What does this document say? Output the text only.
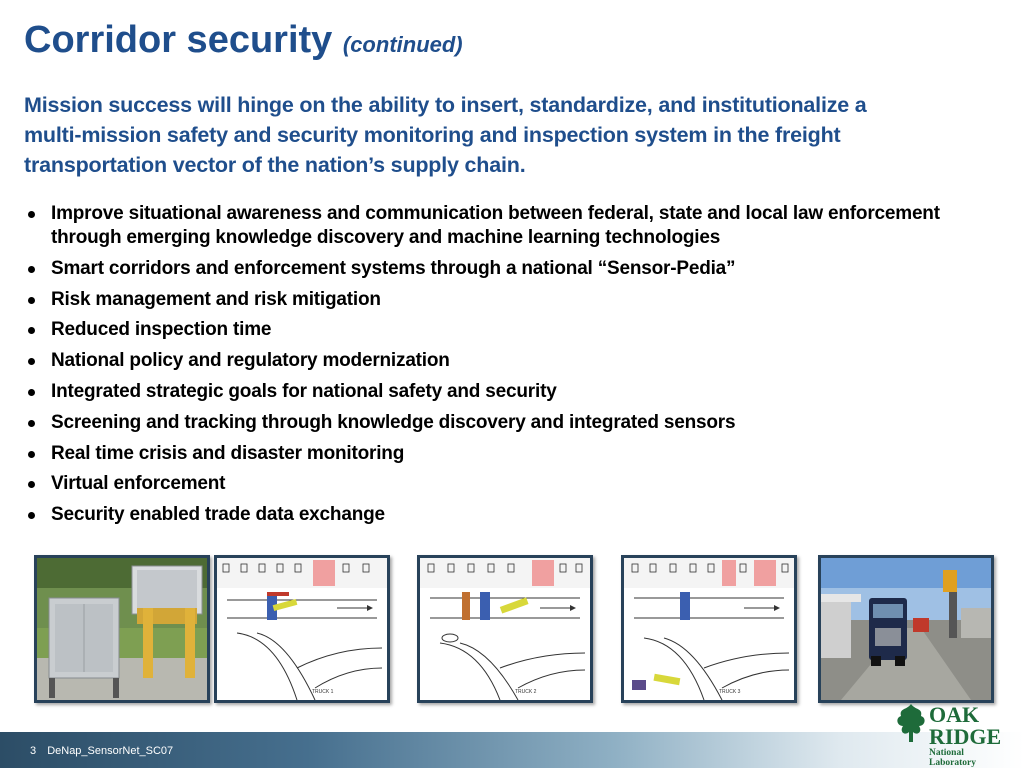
Corridor security (continued)
Mission success will hinge on the ability to insert, standardize, and institutionalize a multi-mission safety and security monitoring and inspection system in the freight transportation vector of the nation’s supply chain.
Improve situational awareness and communication between federal, state and local law enforcement through emerging knowledge discovery and machine learning technologies
Smart corridors and enforcement systems through a national “Sensor-Pedia”
Risk management and risk mitigation
Reduced inspection time
National policy and regulatory modernization
Integrated strategic goals for national safety and security
Screening and tracking through knowledge discovery and integrated sensors
Real time crisis and disaster monitoring
Virtual enforcement
Security enabled trade data exchange
TRUCK 1	TRUCK 2	TRUCK 3
3 DeNap_SensorNet_SC07
OAK
RIDGE
National Laboratory
